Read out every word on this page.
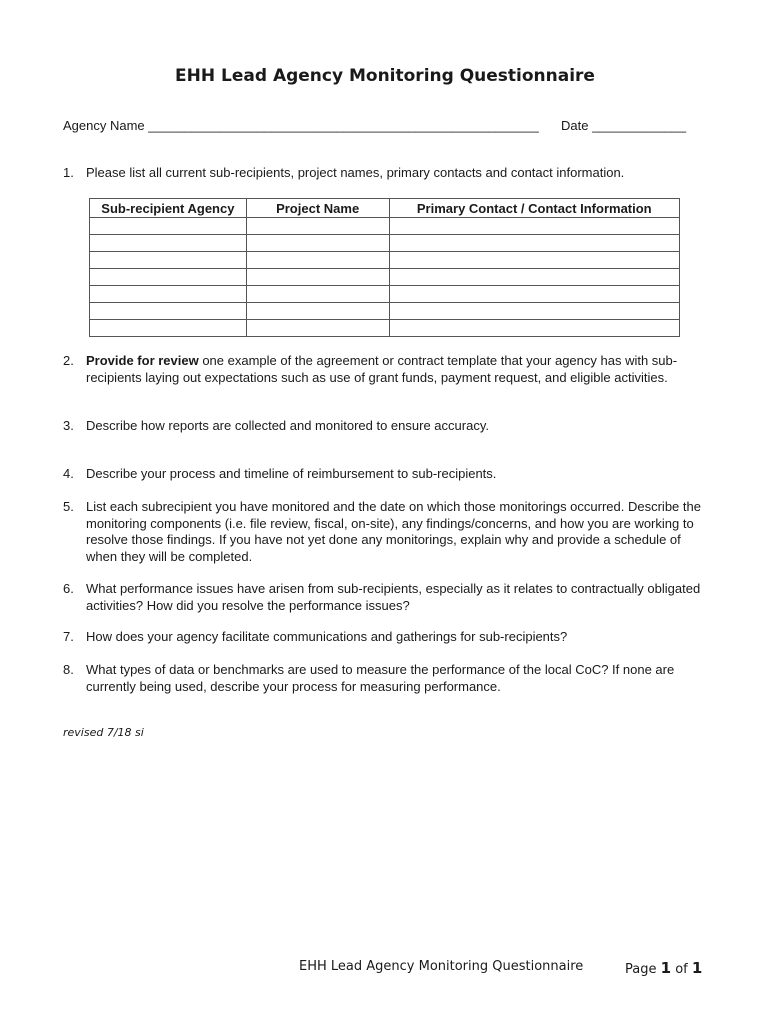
EHH Lead Agency Monitoring Questionnaire
Agency Name ______________________________________________________ Date _____________
1. Please list all current sub-recipients, project names, primary contacts and contact information.
Sub-recipient Agency	Project Name	Primary Contact / Contact Information

2. Provide for review one example of the agreement or contract template that your agency has with sub-recipients laying out expectations such as use of grant funds, payment request, and eligible activities.
3. Describe how reports are collected and monitored to ensure accuracy.
4. Describe your process and timeline of reimbursement to sub-recipients.
5. List each subrecipient you have monitored and the date on which those monitorings occurred. Describe the monitoring components (i.e. file review, fiscal, on-site), any findings/concerns, and how you are working to resolve those findings. If you have not yet done any monitorings, explain why and provide a schedule of when they will be completed.
6. What performance issues have arisen from sub-recipients, especially as it relates to contractually obligated activities? How did you resolve the performance issues?
7. How does your agency facilitate communications and gatherings for sub-recipients?
8. What types of data or benchmarks are used to measure the performance of the local CoC? If none are currently being used, describe your process for measuring performance.
revised 7/18 si
EHH Lead Agency Monitoring Questionnaire	Page 1 of 1
